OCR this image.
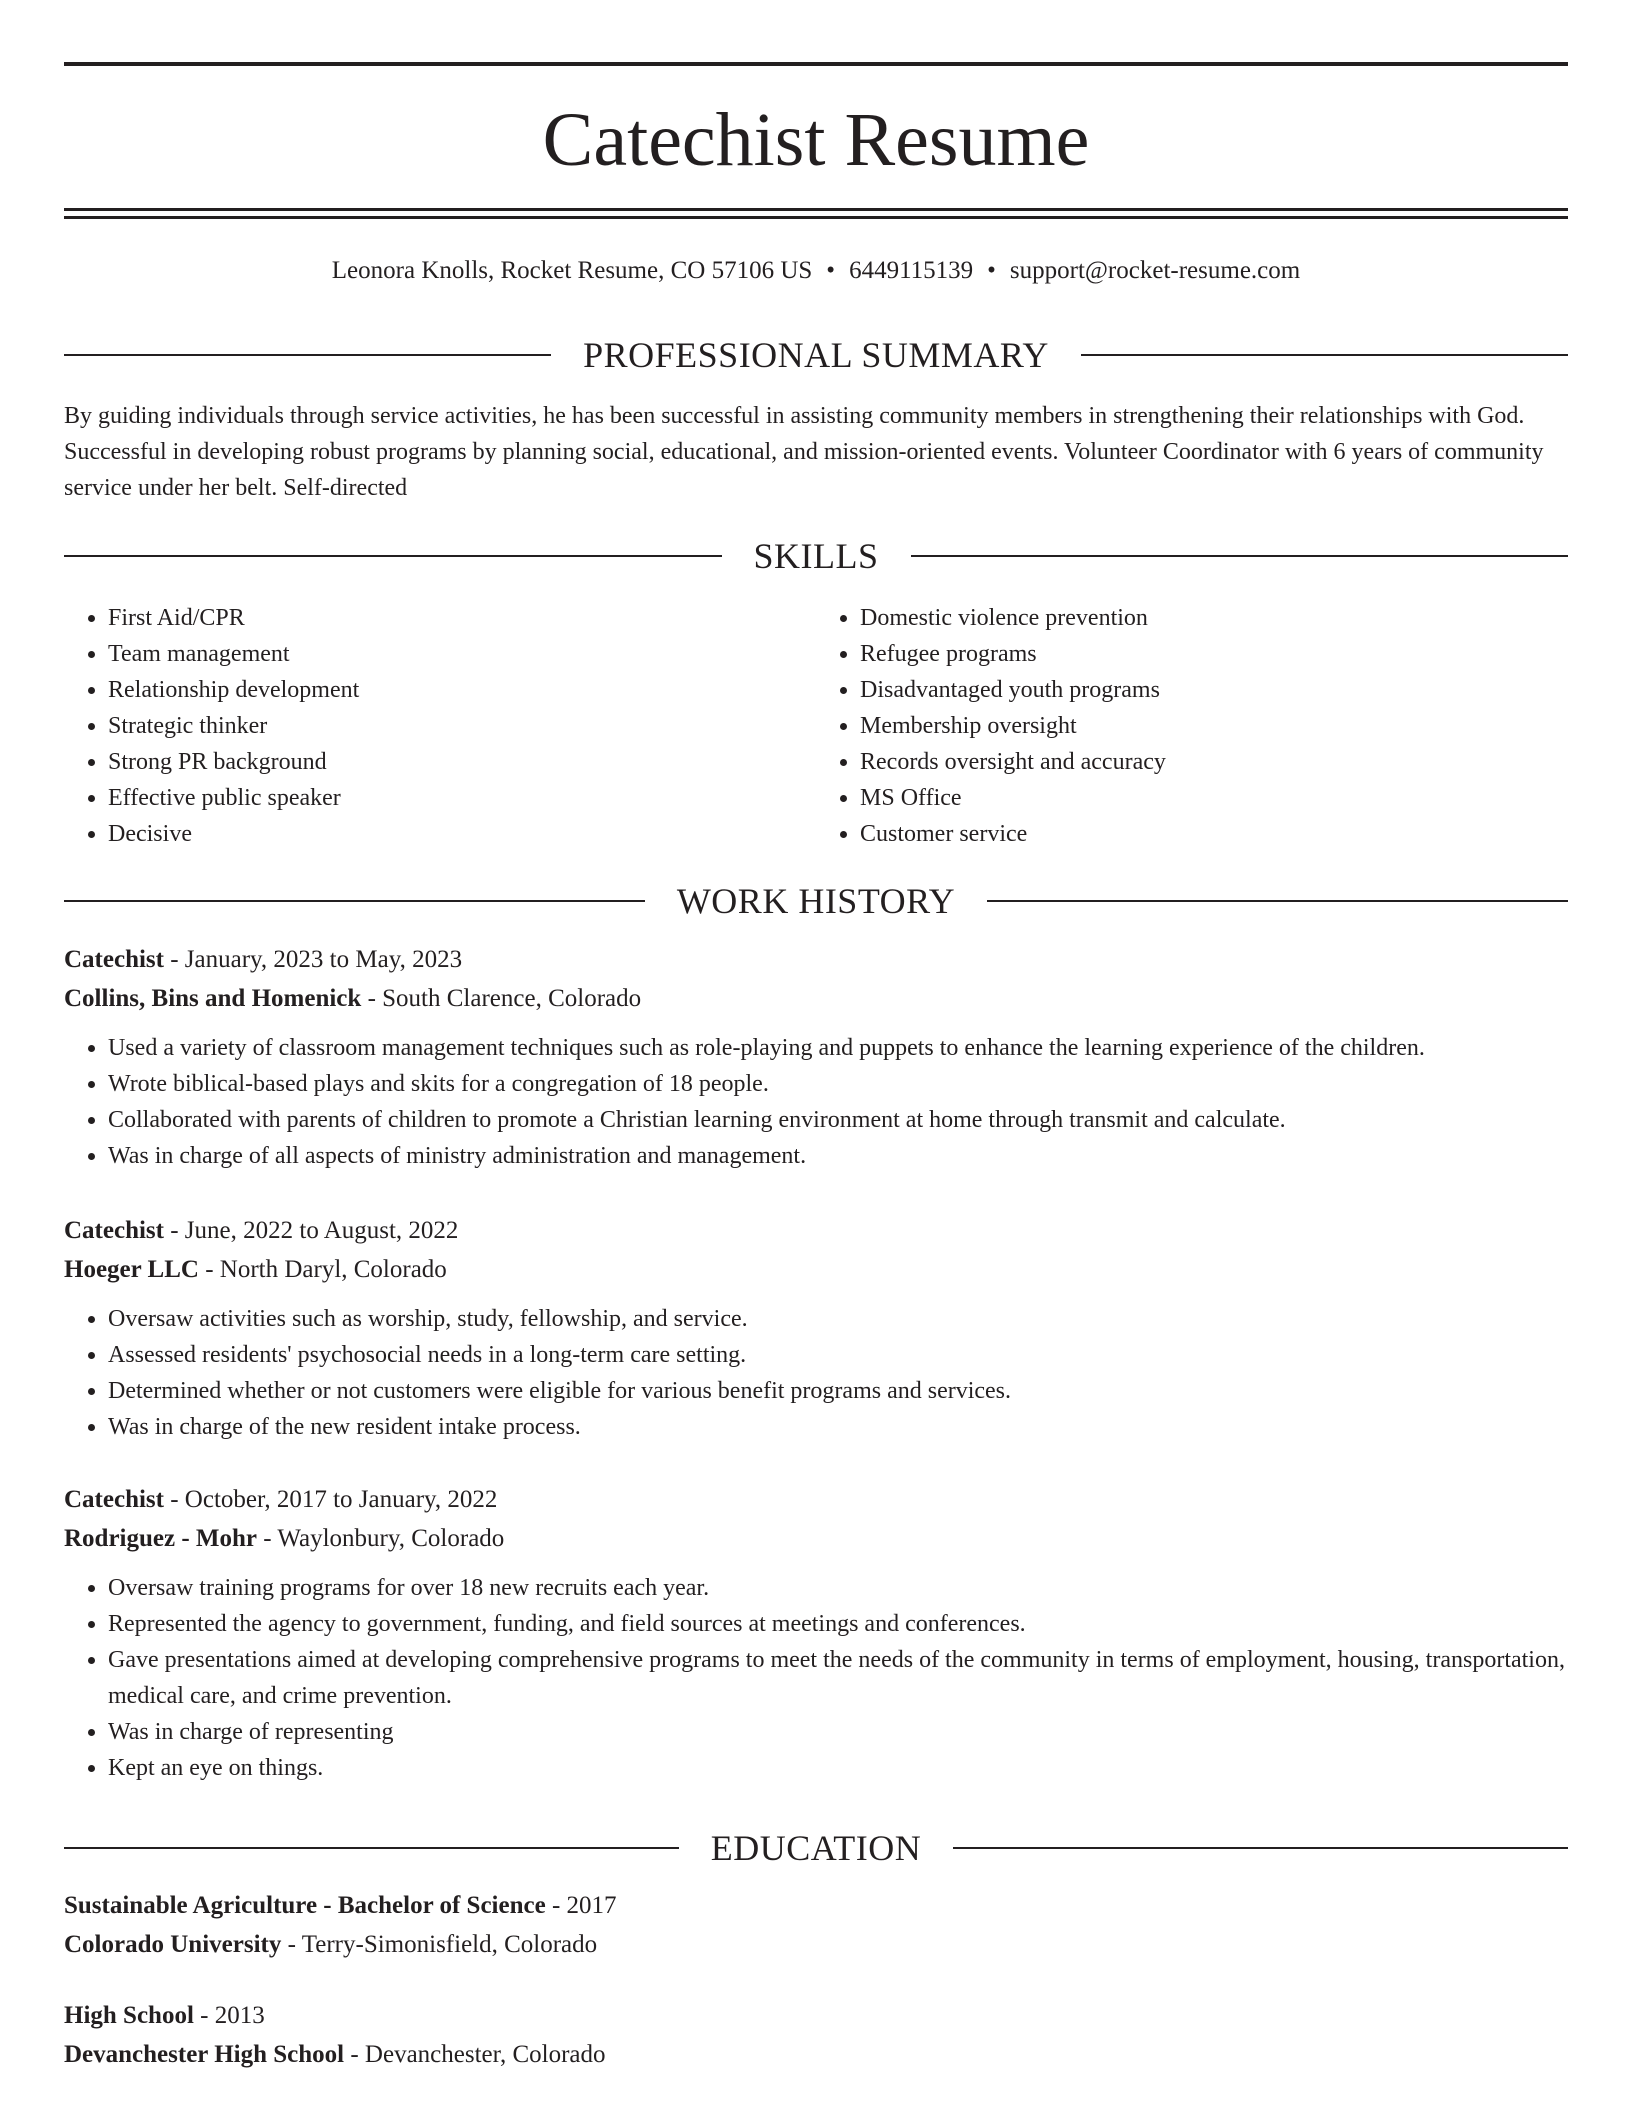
Catechist Resume
Leonora Knolls, Rocket Resume, CO 57106 US • 6449115139 • support@rocket-resume.com
PROFESSIONAL SUMMARY

By guiding individuals through service activities, he has been successful in assisting community members in strengthening their relationships with God. Successful in developing robust programs by planning social, educational, and mission-oriented events. Volunteer Coordinator with 6 years of community service under her belt. Self-directed

SKILLS
• First Aid/CPR
• Team management
• Relationship development
• Strategic thinker
• Strong PR background
• Effective public speaker
• Decisive
• Domestic violence prevention
• Refugee programs
• Disadvantaged youth programs
• Membership oversight
• Records oversight and accuracy
• MS Office
• Customer service
WORK HISTORY
Catechist - January, 2023 to May, 2023
Collins, Bins and Homenick - South Clarence, Colorado
• Used a variety of classroom management techniques such as role-playing and puppets to enhance the learning experience of the children.
• Wrote biblical-based plays and skits for a congregation of 18 people.
• Collaborated with parents of children to promote a Christian learning environment at home through transmit and calculate.
• Was in charge of all aspects of ministry administration and management.
Catechist - June, 2022 to August, 2022
Hoeger LLC - North Daryl, Colorado
• Oversaw activities such as worship, study, fellowship, and service.
• Assessed residents' psychosocial needs in a long-term care setting.
• Determined whether or not customers were eligible for various benefit programs and services.
• Was in charge of the new resident intake process.
Catechist - October, 2017 to January, 2022
Rodriguez - Mohr - Waylonbury, Colorado
• Oversaw training programs for over 18 new recruits each year.
• Represented the agency to government, funding, and field sources at meetings and conferences.
• Gave presentations aimed at developing comprehensive programs to meet the needs of the community in terms of employment, housing, transportation, medical care, and crime prevention.
• Was in charge of representing
• Kept an eye on things.
EDUCATION
Sustainable Agriculture - Bachelor of Science - 2017
Colorado University - Terry-Simonisfield, Colorado
High School - 2013
Devanchester High School - Devanchester, Colorado
